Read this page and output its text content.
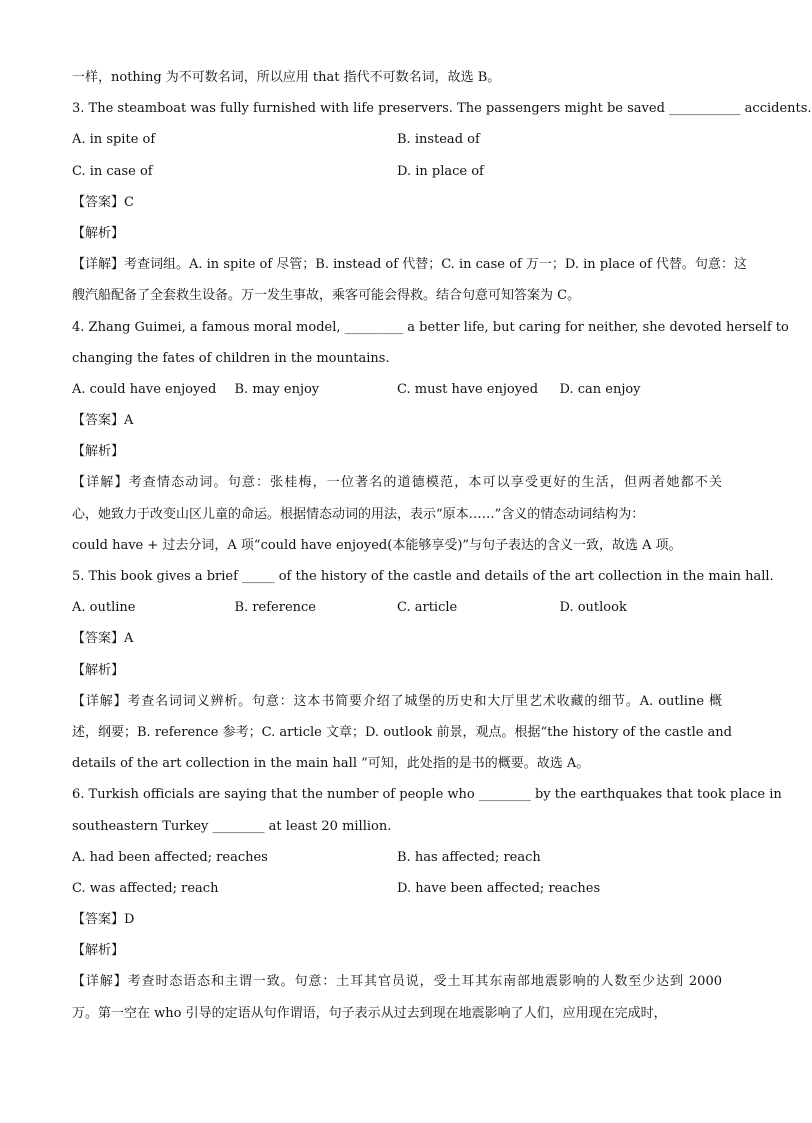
一样，nothing 为不可数名词，所以应用 that 指代不可数名词，故选 B。
3. The steamboat was fully furnished with life preservers. The passengers might be saved ___________ accidents.
A. in spite of	B. instead of
C. in case of	D. in place of
【答案】C
【解析】
【详解】考查词组。A. in spite of 尽管；B. instead of 代替；C. in case of 万一；D. in place of 代替。句意：这
艘汽船配备了全套救生设备。万一发生事故，乘客可能会得救。结合句意可知答案为 C。
4. Zhang Guimei, a famous moral model, _________ a better life, but caring for neither, she devoted herself to
changing the fates of children in the mountains.
A. could have enjoyed	B. may enjoy	C. must have enjoyed	D. can enjoy
【答案】A
【解析】
【详解】考查情态动词。句意：张桂梅，一位著名的道德模范，本可以享受更好的生活，但两者她都不关
心，她致力于改变山区儿童的命运。根据情态动词的用法，表示“原本……”含义的情态动词结构为：
could have + 过去分词，A 项“could have enjoyed(本能够享受)”与句子表达的含义一致，故选 A 项。
5. This book gives a brief _____ of the history of the castle and details of the art collection in the main hall.
A. outline	B. reference	C. article	D. outlook
【答案】A
【解析】
【详解】考查名词词义辨析。句意：这本书简要介绍了城堡的历史和大厅里艺术收藏的细节。A. outline 概
述，纲要；B. reference 参考；C. article 文章；D. outlook 前景，观点。根据“the history of the castle and
details of the art collection in the main hall ”可知，此处指的是书的概要。故选 A。
6. Turkish officials are saying that the number of people who ________ by the earthquakes that took place in
southeastern Turkey ________ at least 20 million.
A. had been affected; reaches	B. has affected; reach
C. was affected; reach	D. have been affected; reaches
【答案】D
【解析】
【详解】考查时态语态和主谓一致。句意：土耳其官员说，受土耳其东南部地震影响的人数至少达到 2000
万。第一空在 who 引导的定语从句作谓语，句子表示从过去到现在地震影响了人们，应用现在完成时，
